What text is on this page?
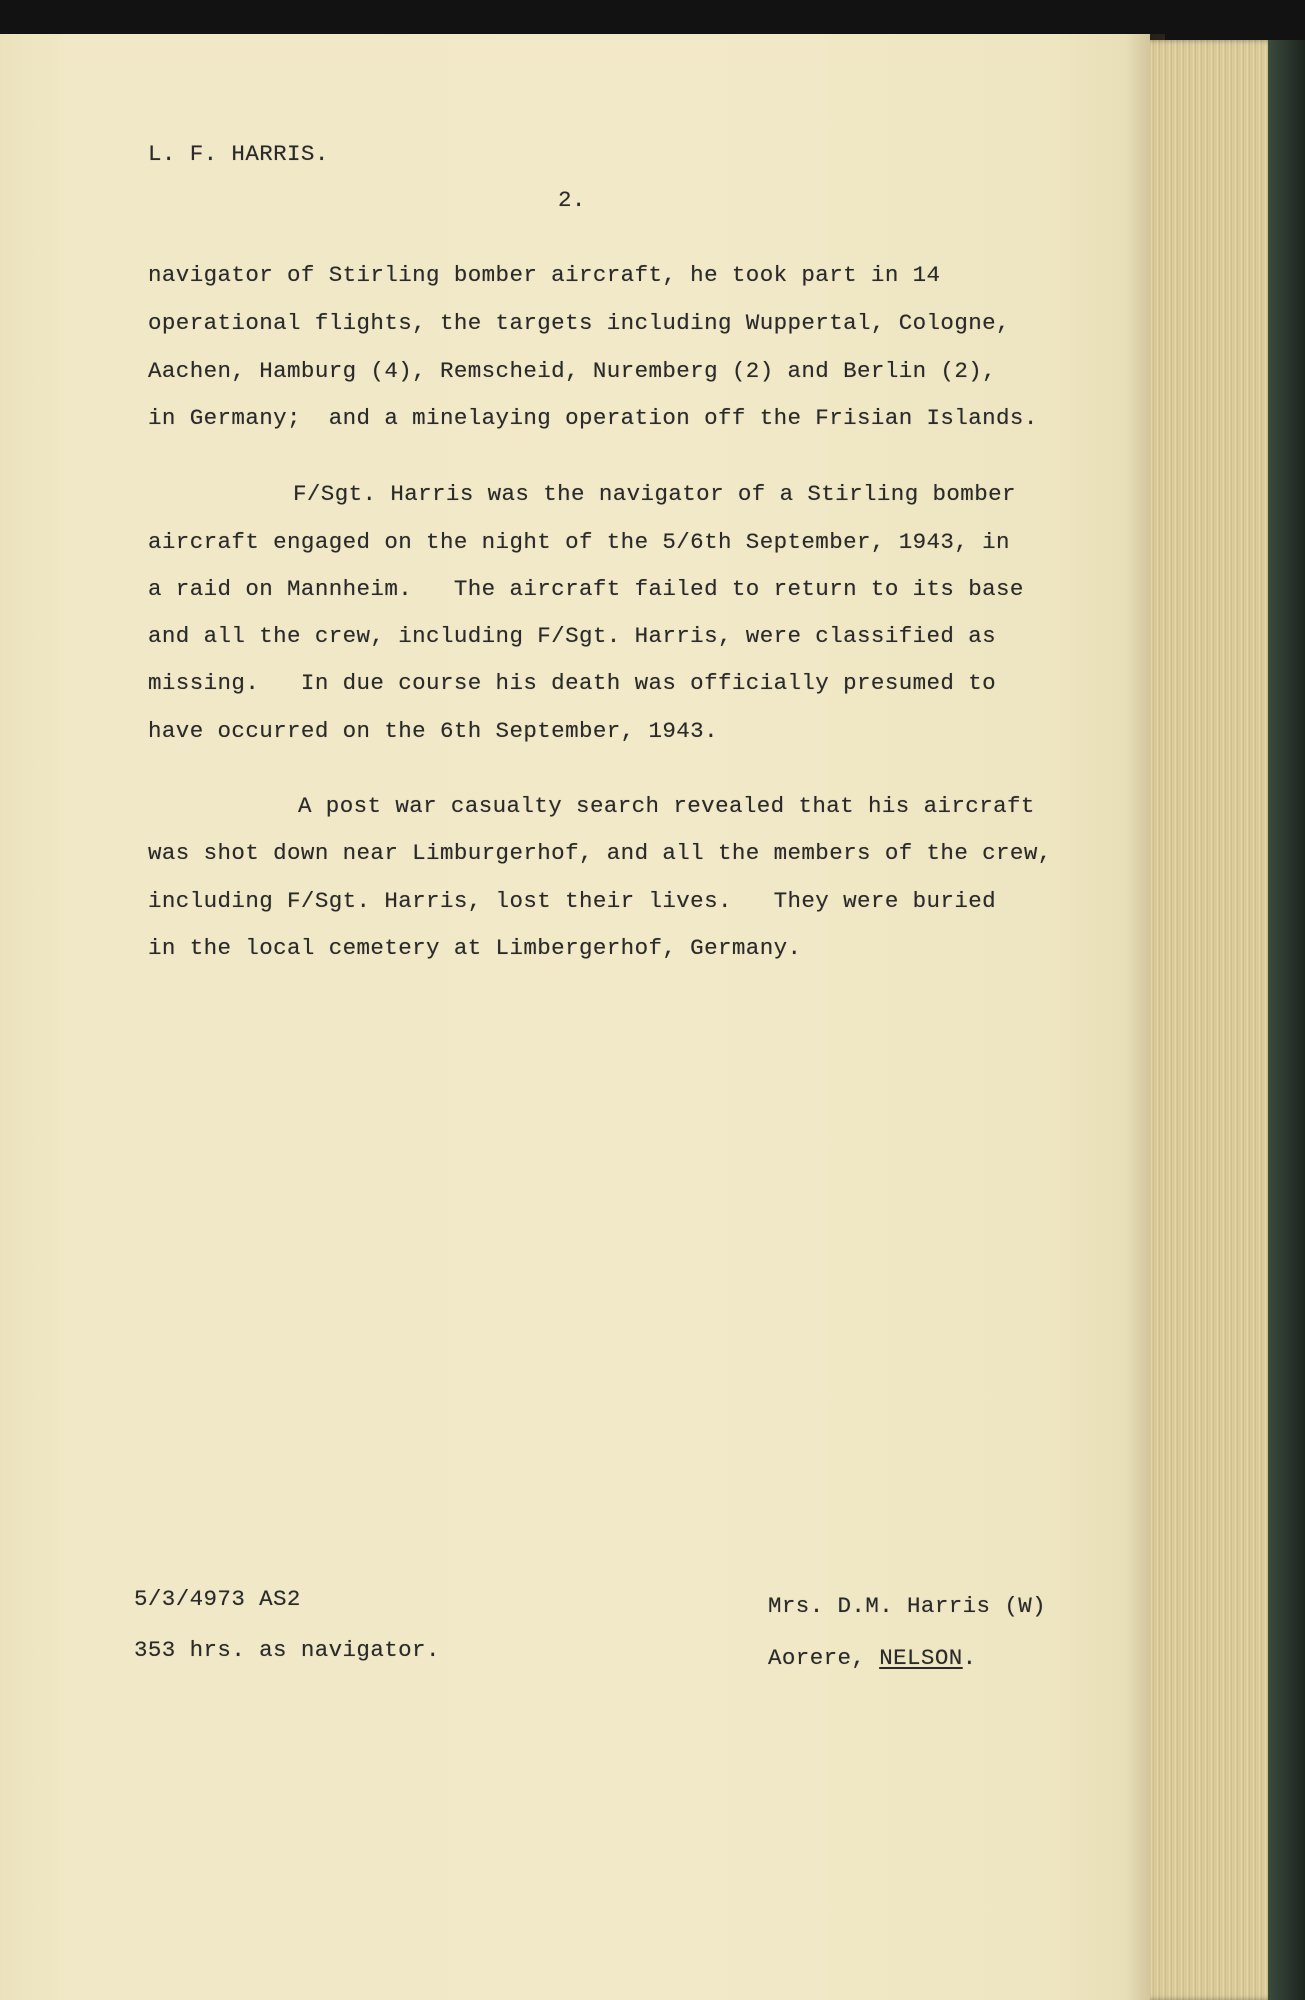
L. F. HARRIS.

2.

navigator of Stirling bomber aircraft, he took part in 14

operational flights, the targets including Wuppertal, Cologne,

Aachen, Hamburg (4), Remscheid, Nuremberg (2) and Berlin (2),

in Germany;  and a minelaying operation off the Frisian Islands.

F/Sgt. Harris was the navigator of a Stirling bomber

aircraft engaged on the night of the 5/6th September, 1943, in

a raid on Mannheim.   The aircraft failed to return to its base

and all the crew, including F/Sgt. Harris, were classified as

missing.   In due course his death was officially presumed to

have occurred on the 6th September, 1943.

A post war casualty search revealed that his aircraft

was shot down near Limburgerhof, and all the members of the crew,

including F/Sgt. Harris, lost their lives.   They were buried

in the local cemetery at Limbergerhof, Germany.

5/3/4973 AS2

353 hrs. as navigator.

Mrs. D.M. Harris (W)

Aorere, NELSON.
